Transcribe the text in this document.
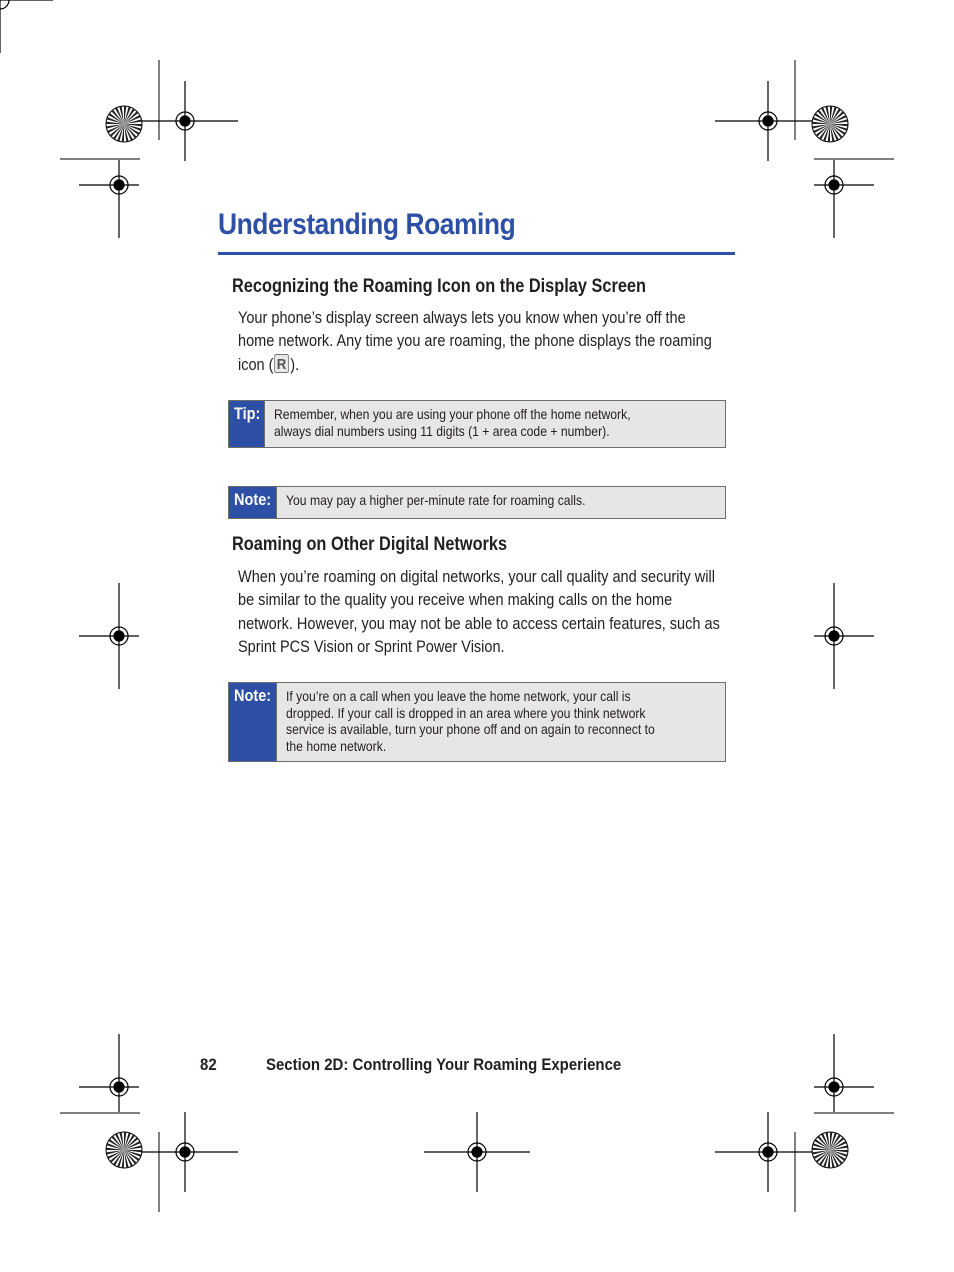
Understanding Roaming
Recognizing the Roaming Icon on the Display Screen
Your phone’s display screen always lets you know when you’re off the
home network. Any time you are roaming, the phone displays the roaming
icon ( R ).
Tip: Remember, when you are using your phone off the home network,
always dial numbers using 11 digits (1 + area code + number).
Note:	You may pay a higher per-minute rate for roaming calls.
Roaming on Other Digital Networks
When you’re roaming on digital networks, your call quality and security will
be similar to the quality you receive when making calls on the home
network. However, you may not be able to access certain features, such as
Sprint PCS Vision or Sprint Power Vision.
Note:	If you’re on a call when you leave the home network, your call is
dropped. If your call is dropped in an area where you think network
service is available, turn your phone off and on again to reconnect to
the home network.
82	Section 2D: Controlling Your Roaming Experience
